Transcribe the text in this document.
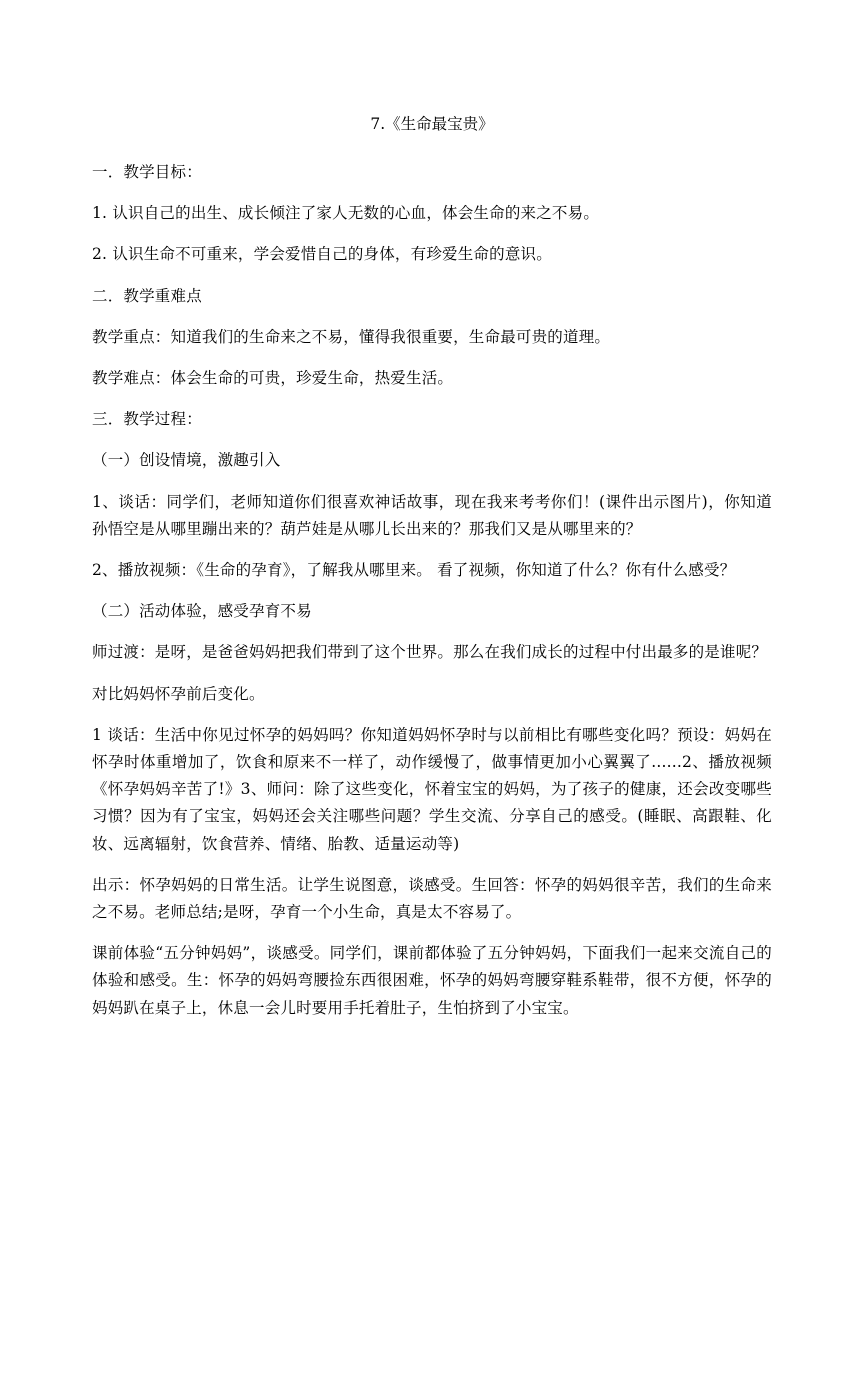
7.《生命最宝贵》

一．教学目标：

1. 认识自己的出生、成长倾注了家人无数的心血，体会生命的来之不易。

2. 认识生命不可重来，学会爱惜自己的身体，有珍爱生命的意识。

二．教学重难点

教学重点：知道我们的生命来之不易，懂得我很重要，生命最可贵的道理。

教学难点：体会生命的可贵，珍爱生命，热爱生活。

三．教学过程：

（一）创设情境，激趣引入

1、谈话：同学们，老师知道你们很喜欢神话故事，现在我来考考你们！(课件出示图片)，你知道孙悟空是从哪里蹦出来的？葫芦娃是从哪儿长出来的？那我们又是从哪里来的？

2、播放视频：《生命的孕育》，了解我从哪里来。 看了视频，你知道了什么？你有什么感受？

（二）活动体验，感受孕育不易

师过渡：是呀，是爸爸妈妈把我们带到了这个世界。那么在我们成长的过程中付出最多的是谁呢？

对比妈妈怀孕前后变化。

1 谈话：生活中你见过怀孕的妈妈吗？你知道妈妈怀孕时与以前相比有哪些变化吗？预设：妈妈在怀孕时体重增加了，饮食和原来不一样了，动作缓慢了，做事情更加小心翼翼了......2、播放视频《怀孕妈妈辛苦了!》3、师问：除了这些变化，怀着宝宝的妈妈，为了孩子的健康，还会改变哪些习惯？因为有了宝宝，妈妈还会关注哪些问题？学生交流、分享自己的感受。(睡眠、高跟鞋、化妆、远离辐射，饮食营养、情绪、胎教、适量运动等)

出示：怀孕妈妈的日常生活。让学生说图意，谈感受。生回答：怀孕的妈妈很辛苦，我们的生命来之不易。老师总结;是呀，孕育一个小生命，真是太不容易了。

课前体验“五分钟妈妈”，谈感受。同学们，课前都体验了五分钟妈妈，下面我们一起来交流自己的体验和感受。生：怀孕的妈妈弯腰捡东西很困难，怀孕的妈妈弯腰穿鞋系鞋带，很不方便，怀孕的妈妈趴在桌子上，休息一会儿时要用手托着肚子，生怕挤到了小宝宝。
